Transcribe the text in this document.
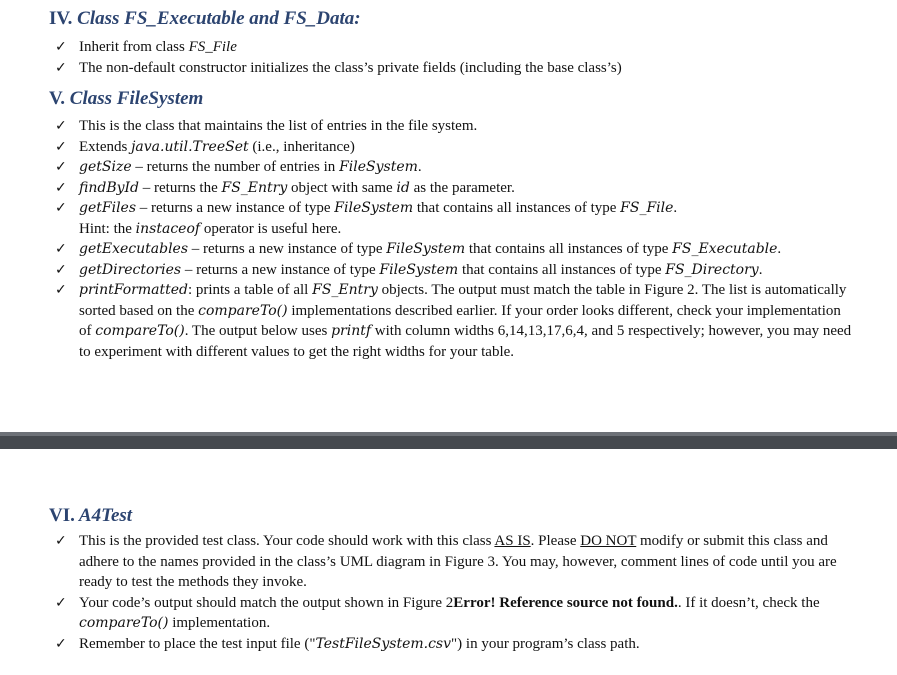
IV. Class FS_Executable and FS_Data:
✓ Inherit from class FS_File
✓ The non-default constructor initializes the class’s private fields (including the base class’s)
V. Class FileSystem
✓ This is the class that maintains the list of entries in the file system.
✓ Extends java.util.TreeSet (i.e., inheritance)
✓ getSize – returns the number of entries in FileSystem.
✓ findById – returns the FS_Entry object with same id as the parameter.
✓ getFiles – returns a new instance of type FileSystem that contains all instances of type FS_File.
Hint: the instaceof operator is useful here.
✓ getExecutables – returns a new instance of type FileSystem that contains all instances of type FS_Executable.
✓ getDirectories – returns a new instance of type FileSystem that contains all instances of type FS_Directory.
✓ printFormatted: prints a table of all FS_Entry objects. The output must match the table in Figure 2. The list is automatically sorted based on the compareTo() implementations described earlier. If your order looks different, check your implementation of compareTo(). The output below uses printf with column widths 6,14,13,17,6,4, and 5 respectively; however, you may need to experiment with different values to get the right widths for your table.
VI. A4Test
✓ This is the provided test class. Your code should work with this class AS IS. Please DO NOT modify or submit this class and adhere to the names provided in the class’s UML diagram in Figure 3. You may, however, comment lines of code until you are ready to test the methods they invoke.
✓ Your code’s output should match the output shown in Figure 2Error! Reference source not found.. If it doesn’t, check the compareTo() implementation.
✓ Remember to place the test input file ("TestFileSystem.csv") in your program’s class path.
